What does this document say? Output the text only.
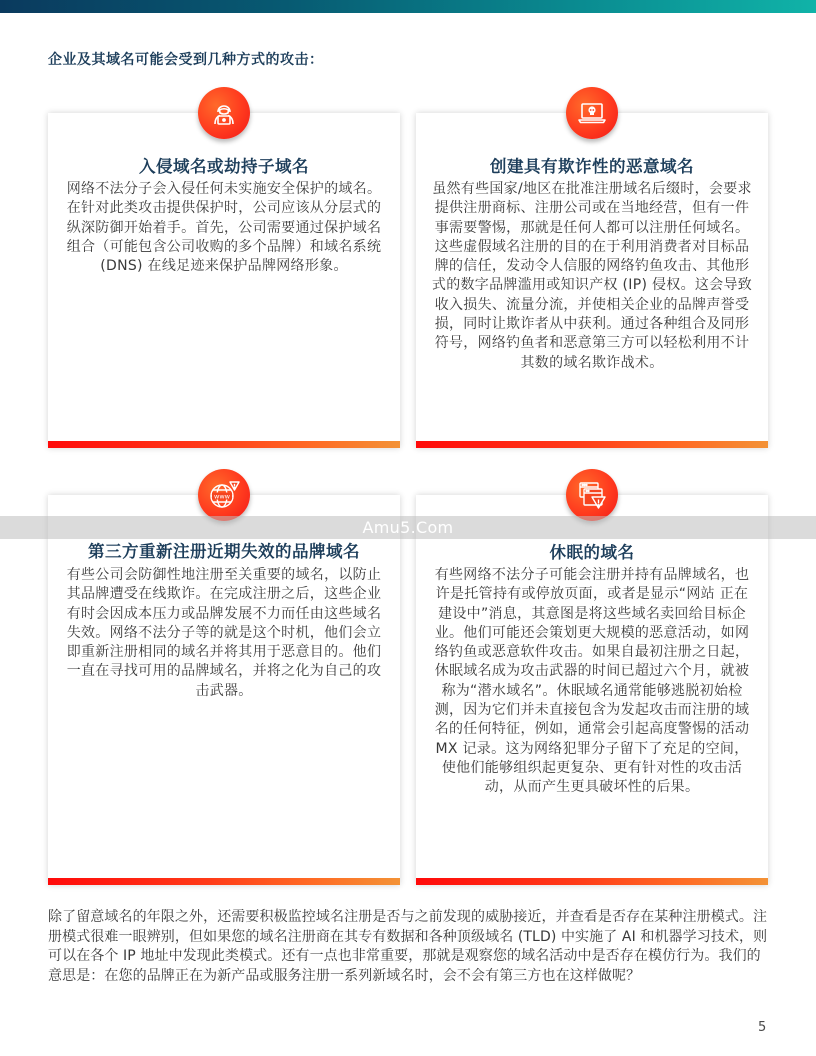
企业及其域名可能会受到几种方式的攻击：
入侵域名或劫持子域名
网络不法分子会入侵任何未实施安全保护的域名。在针对此类攻击提供保护时，公司应该从分层式的纵深防御开始着手。首先，公司需要通过保护域名组合（可能包含公司收购的多个品牌）和域名系统 (DNS) 在线足迹来保护品牌网络形象。
创建具有欺诈性的恶意域名
虽然有些国家/地区在批准注册域名后缀时，会要求提供注册商标、注册公司或在当地经营，但有一件事需要警惕，那就是任何人都可以注册任何域名。这些虚假域名注册的目的在于利用消费者对目标品牌的信任，发动令人信服的网络钓鱼攻击、其他形式的数字品牌滥用或知识产权 (IP) 侵权。这会导致收入损失、流量分流，并使相关企业的品牌声誉受损，同时让欺诈者从中获利。通过各种组合及同形符号，网络钓鱼者和恶意第三方可以轻松利用不计其数的域名欺诈战术。
www
第三方重新注册近期失效的品牌域名
有些公司会防御性地注册至关重要的域名，以防止其品牌遭受在线欺诈。在完成注册之后，这些企业有时会因成本压力或品牌发展不力而任由这些域名失效。网络不法分子等的就是这个时机，他们会立即重新注册相同的域名并将其用于恶意目的。他们一直在寻找可用的品牌域名，并将之化为自己的攻击武器。
休眠的域名
有些网络不法分子可能会注册并持有品牌域名，也许是托管持有或停放页面，或者是显示“网站 正在建设中”消息，其意图是将这些域名卖回给目标企业。他们可能还会策划更大规模的恶意活动，如网络钓鱼或恶意软件攻击。如果自最初注册之日起，休眠域名成为攻击武器的时间已超过六个月，就被称为“潜水域名”。休眠域名通常能够逃脱初始检测，因为它们并未直接包含为发起攻击而注册的域名的任何特征，例如，通常会引起高度警惕的活动 MX 记录。这为网络犯罪分子留下了充足的空间，使他们能够组织起更复杂、更有针对性的攻击活动，从而产生更具破坏性的后果。
除了留意域名的年限之外，还需要积极监控域名注册是否与之前发现的威胁接近，并查看是否存在某种注册模式。注册模式很难一眼辨别，但如果您的域名注册商在其专有数据和各种顶级域名 (TLD) 中实施了 AI 和机器学习技术，则可以在各个 IP 地址中发现此类模式。还有一点也非常重要，那就是观察您的域名活动中是否存在模仿行为。我们的意思是：在您的品牌正在为新产品或服务注册一系列新域名时，会不会有第三方也在这样做呢？
5
Amu5.Com
